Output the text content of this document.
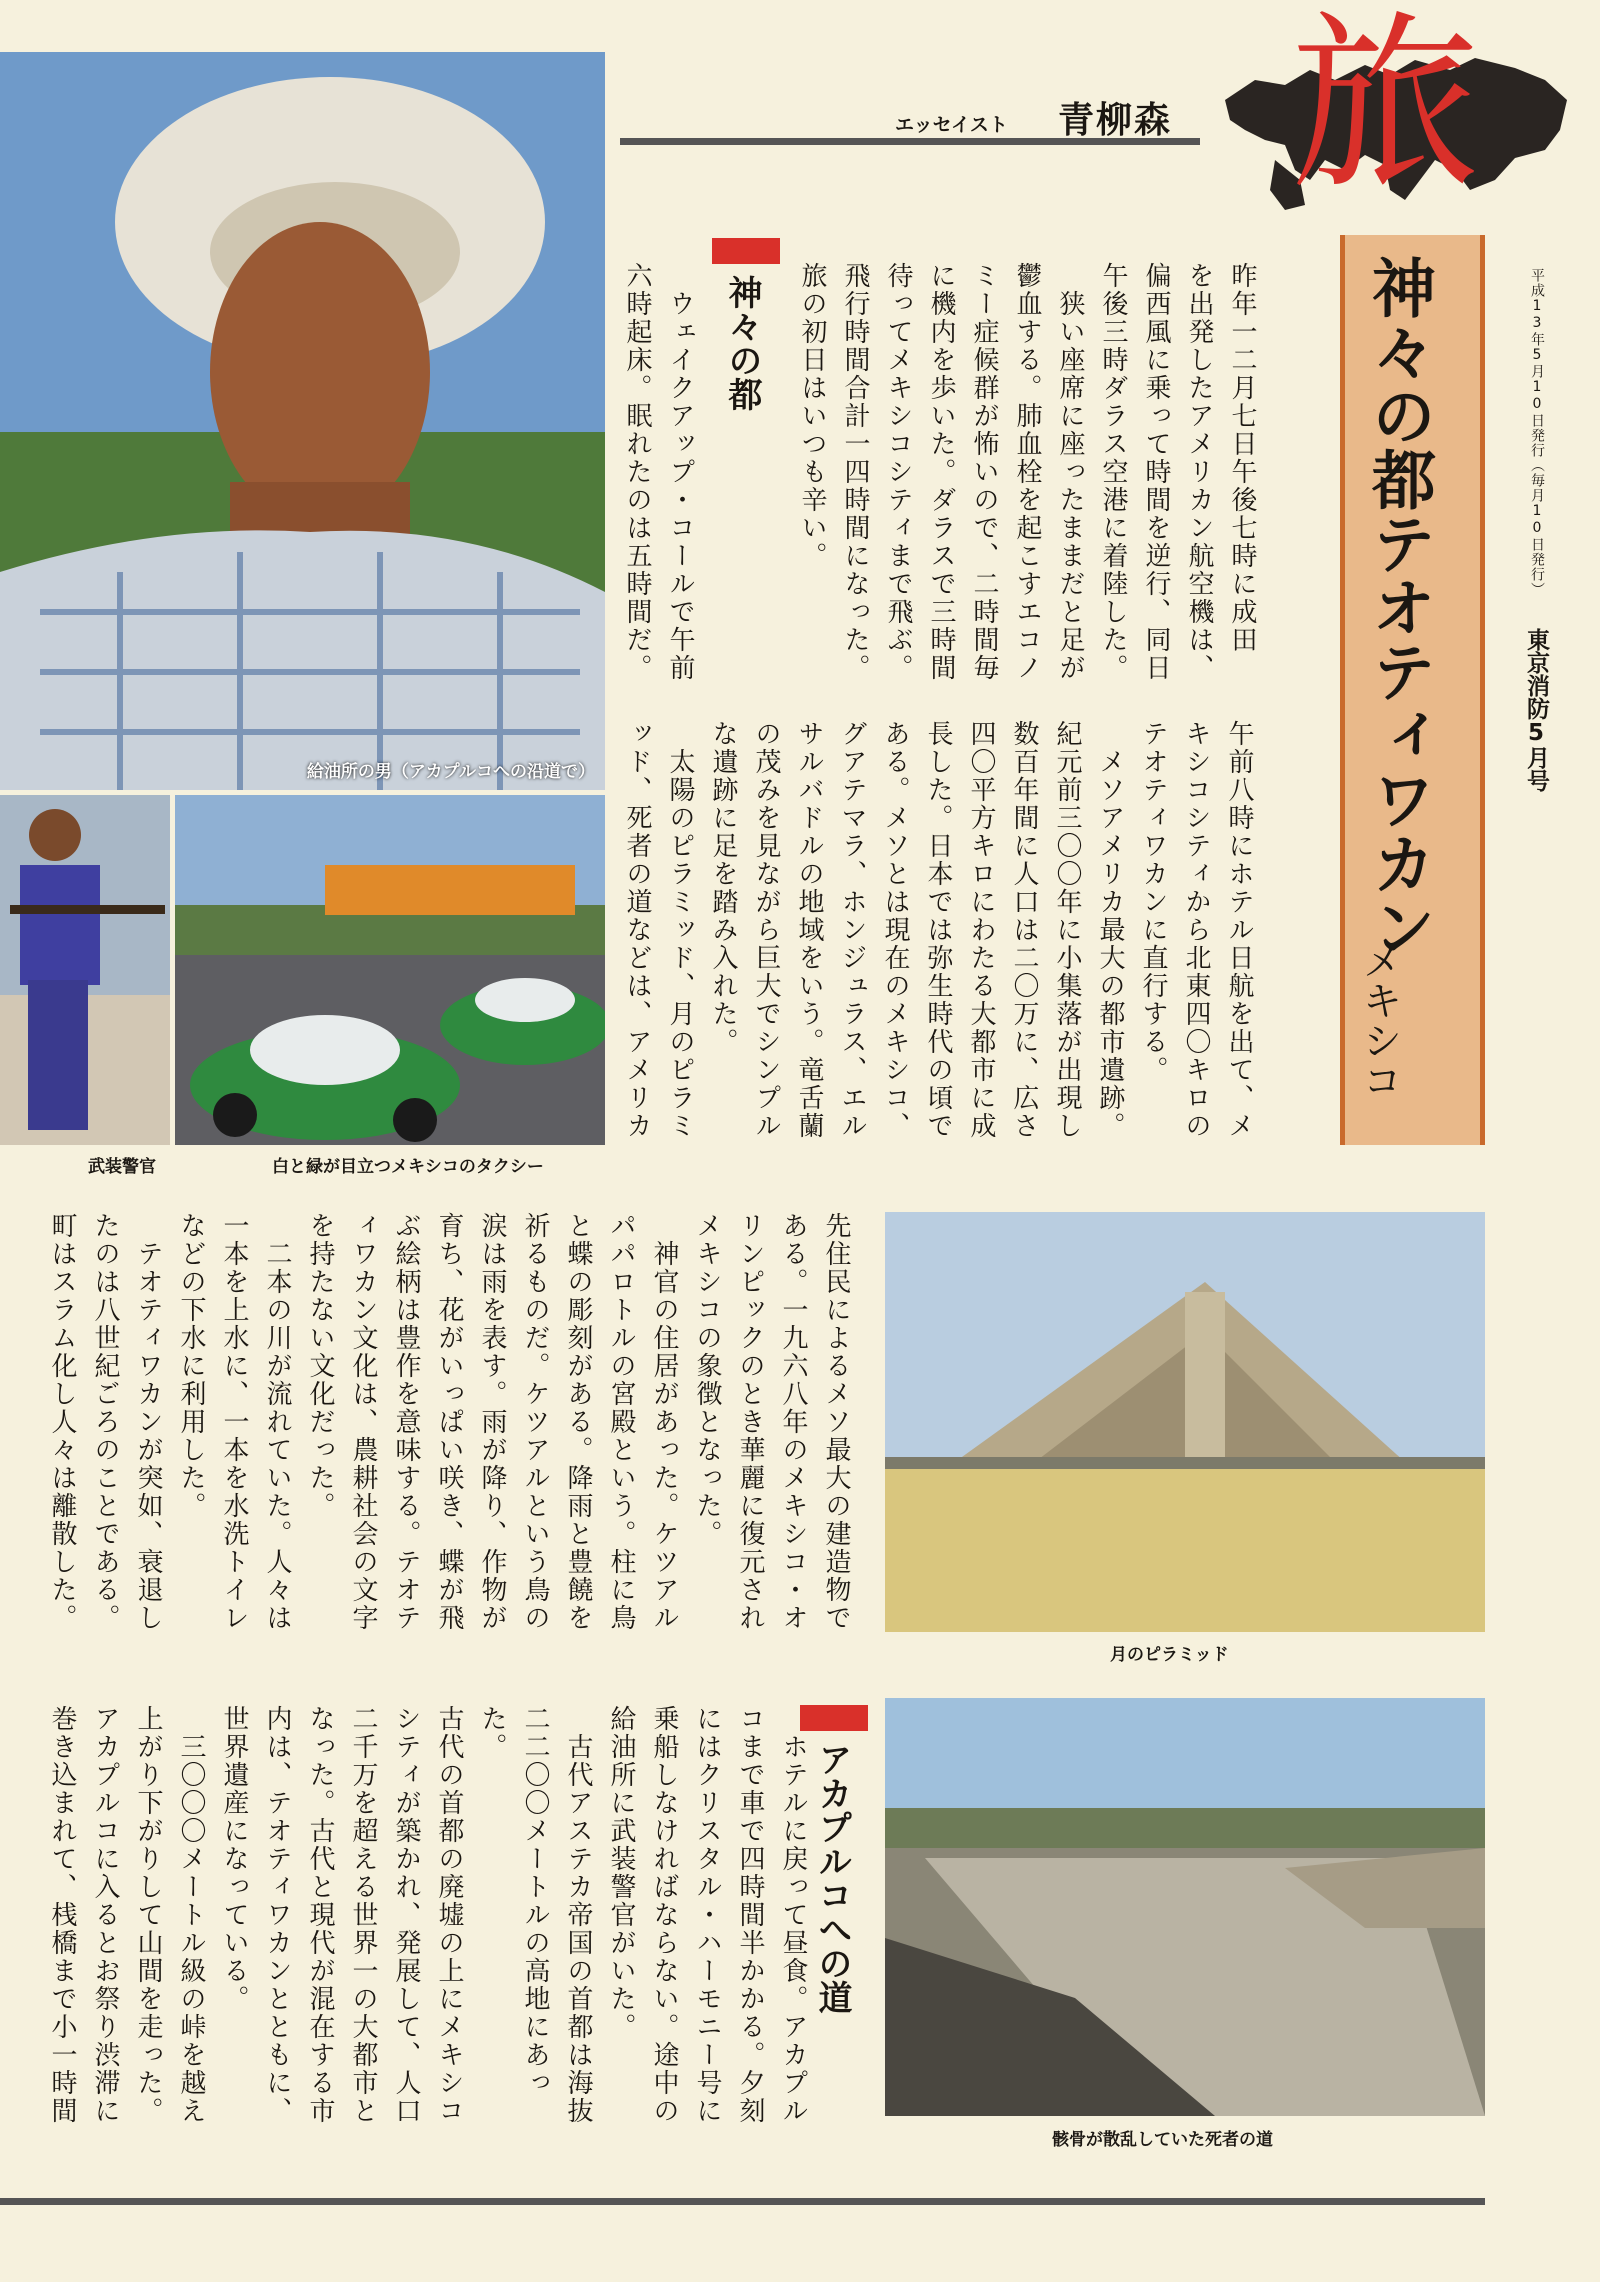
エッセイスト 青柳森 旅
平成13年5月10日発行（毎月10日発行）
東京消防5月号
神々の都テオティワカン
メキシコ
給油所の男（アカプルコへの沿道で）
武装警官	白と緑が目立つメキシコのタクシー
神々の都	昨年一二月七日午後七時に成田
を出発したアメリカン航空機は、
偏西風に乗って時間を逆行、同日
午後三時ダラス空港に着陸した。
　狭い座席に座ったままだと足が
鬱血する。肺血栓を起こすエコノ
ミー症候群が怖いので、二時間毎
に機内を歩いた。ダラスで三時間
待ってメキシコシティまで飛ぶ。
飛行時間合計一四時間になった。
旅の初日はいつも辛い。
　ウェイクアップ・コールで午前
六時起床。眠れたのは五時間だ。
午前八時にホテル日航を出て、メ
キシコシティから北東四〇キロの
テオティワカンに直行する。
　メソアメリカ最大の都市遺跡。
紀元前三〇〇年に小集落が出現し
数百年間に人口は二〇万に、広さ
四〇平方キロにわたる大都市に成
長した。日本では弥生時代の頃で
ある。メソとは現在のメキシコ、
グアテマラ、ホンジュラス、エル
サルバドルの地域をいう。竜舌蘭
の茂みを見ながら巨大でシンプル
な遺跡に足を踏み入れた。
　太陽のピラミッド、月のピラミ
ッド、死者の道などは、アメリカ
月のピラミッド
先住民によるメソ最大の建造物で
ある。一九六八年のメキシコ・オ
リンピックのとき華麗に復元され
メキシコの象徴となった。
　神官の住居があった。ケツアル
パパロトルの宮殿という。柱に鳥
と蝶の彫刻がある。降雨と豊饒を
祈るものだ。ケツアルという鳥の
涙は雨を表す。雨が降り、作物が
育ち、花がいっぱい咲き、蝶が飛
ぶ絵柄は豊作を意味する。テオテ
ィワカン文化は、農耕社会の文字
を持たない文化だった。
　二本の川が流れていた。人々は
一本を上水に、一本を水洗トイレ
などの下水に利用した。
　テオティワカンが突如、衰退し
たのは八世紀ごろのことである。
町はスラム化し人々は離散した。
アカプルコへの道
　ホテルに戻って昼食。アカプル
コまで車で四時間半かかる。夕刻
にはクリスタル・ハーモニー号に
乗船しなければならない。途中の
給油所に武装警官がいた。
　古代アステカ帝国の首都は海抜
二二〇〇メートルの高地にあった。
古代の首都の廃墟の上にメキシコ
シティが築かれ、発展して、人口
二千万を超える世界一の大都市と
なった。古代と現代が混在する市
内は、テオティワカンとともに、
世界遺産になっている。
　三〇〇〇メートル級の峠を越え
上がり下がりして山間を走った。
アカプルコに入るとお祭り渋滞に
巻き込まれて、桟橋まで小一時間
骸骨が散乱していた死者の道
